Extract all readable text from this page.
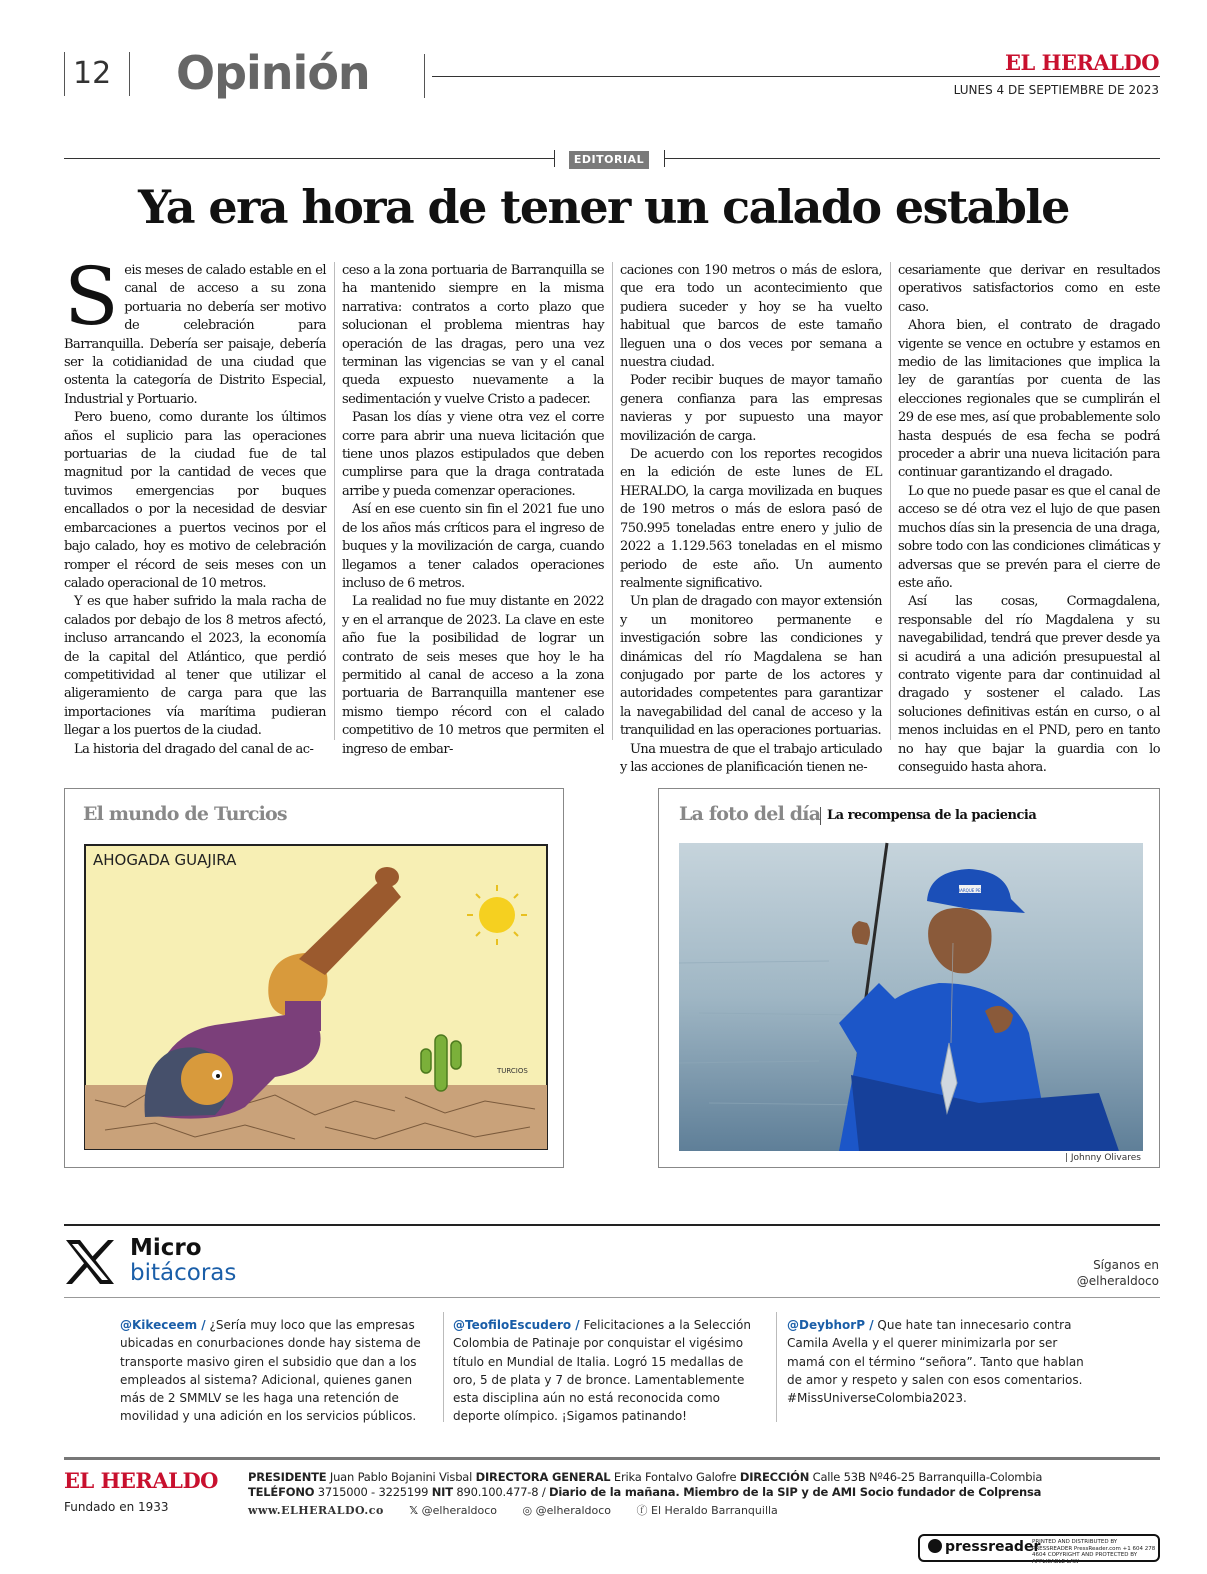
12 Opinión	EL HERALDO
LUNES 4 DE SEPTIEMBRE DE 2023
EDITORIAL
Ya era hora de tener un calado estable
S eis meses de calado estable en el canal de acceso a su zona portuaria no debería ser motivo de celebración para Barranquilla. Debería ser paisaje, debería ser la cotidianidad de una ciudad que ostenta la categoría de Distrito Especial, Industrial y Portuario.

Pero bueno, como durante los últimos años el suplicio para las operaciones portuarias de la ciudad fue de tal magnitud por la cantidad de veces que tuvimos emergencias por buques encallados o por la necesidad de desviar embarcaciones a puertos vecinos por el bajo calado, hoy es motivo de celebración romper el récord de seis meses con un calado operacional de 10 metros.

Y es que haber sufrido la mala racha de calados por debajo de los 8 metros afectó, incluso arrancando el 2023, la economía de la capital del Atlántico, que perdió competitividad al tener que utilizar el aligeramiento de carga para que las importaciones vía marítima pudieran llegar a los puertos de la ciudad.

La historia del dragado del canal de ac-

ceso a la zona portuaria de Barranquilla se ha mantenido siempre en la misma narrativa: contratos a corto plazo que solucionan el problema mientras hay operación de las dragas, pero una vez terminan las vigencias se van y el canal queda expuesto nuevamente a la sedimentación y vuelve Cristo a padecer.

Pasan los días y viene otra vez el corre corre para abrir una nueva licitación que tiene unos plazos estipulados que deben cumplirse para que la draga contratada arribe y pueda comenzar operaciones.

Así en ese cuento sin fin el 2021 fue uno de los años más críticos para el ingreso de buques y la movilización de carga, cuando llegamos a tener calados operaciones incluso de 6 metros.

La realidad no fue muy distante en 2022 y en el arranque de 2023. La clave en este año fue la posibilidad de lograr un contrato de seis meses que hoy le ha permitido al canal de acceso a la zona portuaria de Barranquilla mantener ese mismo tiempo récord con el calado competitivo de 10 metros que permiten el ingreso de embar-

caciones con 190 metros o más de eslora, que era todo un acontecimiento que pudiera suceder y hoy se ha vuelto habitual que barcos de este tamaño lleguen una o dos veces por semana a nuestra ciudad.

Poder recibir buques de mayor tamaño genera confianza para las empresas navieras y por supuesto una mayor movilización de carga.

De acuerdo con los reportes recogidos en la edición de este lunes de EL HERALDO, la carga movilizada en buques de 190 metros o más de eslora pasó de 750.995 toneladas entre enero y julio de 2022 a 1.129.563 toneladas en el mismo periodo de este año. Un aumento realmente significativo.

Un plan de dragado con mayor extensión y un monitoreo permanente e investigación sobre las condiciones y dinámicas del río Magdalena se han conjugado por parte de los actores y autoridades competentes para garantizar la navegabilidad del canal de acceso y la tranquilidad en las operaciones portuarias.

Una muestra de que el trabajo articulado y las acciones de planificación tienen ne-

cesariamente que derivar en resultados operativos satisfactorios como en este caso.

Ahora bien, el contrato de dragado vigente se vence en octubre y estamos en medio de las limitaciones que implica la ley de garantías por cuenta de las elecciones regionales que se cumplirán el 29 de ese mes, así que probablemente solo hasta después de esa fecha se podrá proceder a abrir una nueva licitación para continuar garantizando el dragado.

Lo que no puede pasar es que el canal de acceso se dé otra vez el lujo de que pasen muchos días sin la presencia de una draga, sobre todo con las condiciones climáticas y adversas que se prevén para el cierre de este año.

Así las cosas, Cormagdalena, responsable del río Magdalena y su navegabilidad, tendrá que prever desde ya si acudirá a una adición presupuestal al contrato vigente para dar continuidad al dragado y sostener el calado. Las soluciones definitivas están en curso, o al menos incluidas en el PND, pero en tanto no hay que bajar la guardia con lo conseguido hasta ahora.

El mundo de Turcios
AHOGADA GUAJIRA
TURCIOS
La foto del día La recompensa de la paciencia
EMBARQUE PESCA
| Johnny Olivares
Micro
bitácoras	Síganos en
@elheraldoco
@Kikeceem / ¿Sería muy loco que las empresas ubicadas en conurbaciones donde hay sistema de transporte masivo giren el subsidio que dan a los empleados al sistema? Adicional, quienes ganen más de 2 SMMLV se les haga una retención de movilidad y una adición en los servicios públicos.
@TeofiloEscudero / Felicitaciones a la Selección Colombia de Patinaje por conquistar el vigésimo título en Mundial de Italia. Logró 15 medallas de oro, 5 de plata y 7 de bronce. Lamentablemente esta disciplina aún no está reconocida como deporte olímpico. ¡Sigamos patinando!
@DeybhorP / Que hate tan innecesario contra Camila Avella y el querer minimizarla por ser mamá con el término “señora”. Tanto que hablan de amor y respeto y salen con esos comentarios. #MissUniverseColombia2023.
EL HERALDO
Fundado en 1933
PRESIDENTE Juan Pablo Bojanini Visbal DIRECTORA GENERAL Erika Fontalvo Galofre DIRECCIÓN Calle 53B Nº46-25 Barranquilla-Colombia
TELÉFONO 3715000 - 3225199 NIT 890.100.477-8 / Diario de la mañana. Miembro de la SIP y de AMI Socio fundador de Colprensa
www.ELHERALDO.co 𝕏 @elheraldoco ◎ @elheraldoco ⓕ El Heraldo Barranquilla
pressreader
PRINTED AND DISTRIBUTED BY PRESSREADER PressReader.com +1 604 278 4604 COPYRIGHT AND PROTECTED BY APPLICABLE LAW
